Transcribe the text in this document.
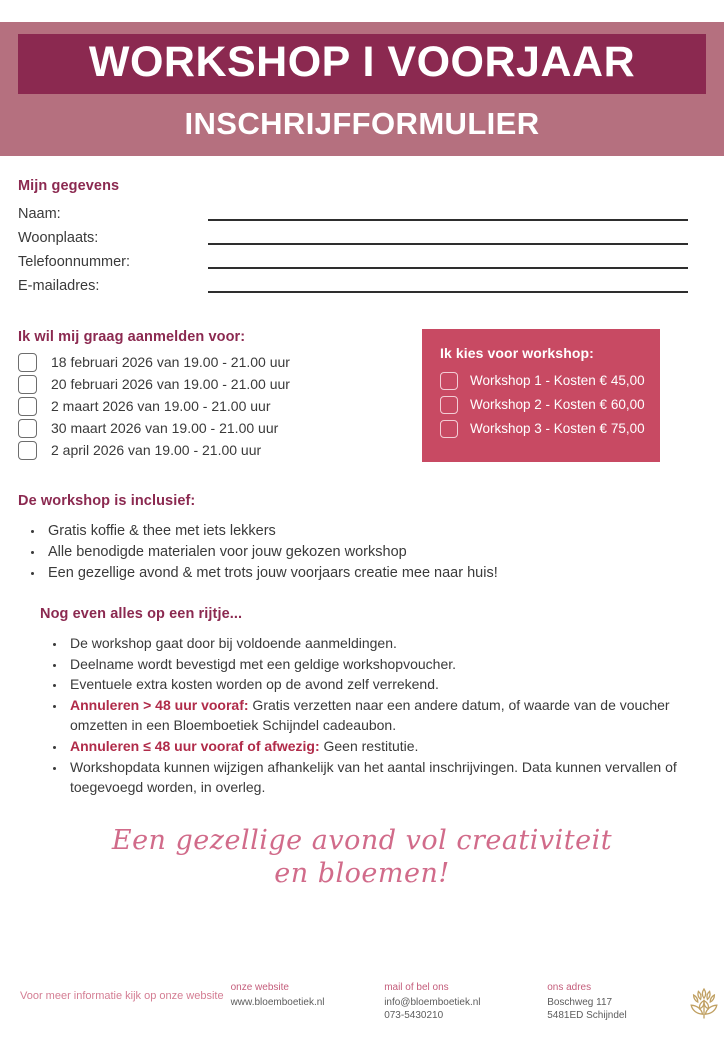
WORKSHOP I VOORJAAR
INSCHRIJFFORMULIER
Mijn gegevens
Naam:
Woonplaats:
Telefoonnummer:
E-mailadres:
Ik wil mij graag aanmelden voor:
18 februari 2026 van 19.00 - 21.00 uur
20 februari 2026 van 19.00 - 21.00 uur
2 maart 2026 van 19.00 - 21.00 uur
30 maart 2026 van 19.00 - 21.00 uur
2 april 2026 van 19.00 - 21.00 uur
Ik kies voor workshop:
Workshop 1 - Kosten € 45,00
Workshop 2 - Kosten € 60,00
Workshop 3 - Kosten € 75,00
De workshop is inclusief:
• Gratis koffie & thee met iets lekkers
• Alle benodigde materialen voor jouw gekozen workshop
• Een gezellige avond & met trots jouw voorjaars creatie mee naar huis!
Nog even alles op een rijtje...
• De workshop gaat door bij voldoende aanmeldingen.
• Deelname wordt bevestigd met een geldige workshopvoucher.
• Eventuele extra kosten worden op de avond zelf verrekend.
• Annuleren > 48 uur vooraf: Gratis verzetten naar een andere datum, of waarde van de voucher omzetten in een Bloemboetiek Schijndel cadeaubon.
• Annuleren ≤ 48 uur vooraf of afwezig: Geen restitutie.
• Workshopdata kunnen wijzigen afhankelijk van het aantal inschrijvingen. Data kunnen vervallen of toegevoegd worden, in overleg.
Een gezellige avond vol creativiteit
en bloemen!
Voor meer informatie kijk op onze website
onze website
www.bloemboetiek.nl
mail of bel ons
info@bloemboetiek.nl
073-5430210
ons adres
Boschweg 117
5481ED Schijndel
